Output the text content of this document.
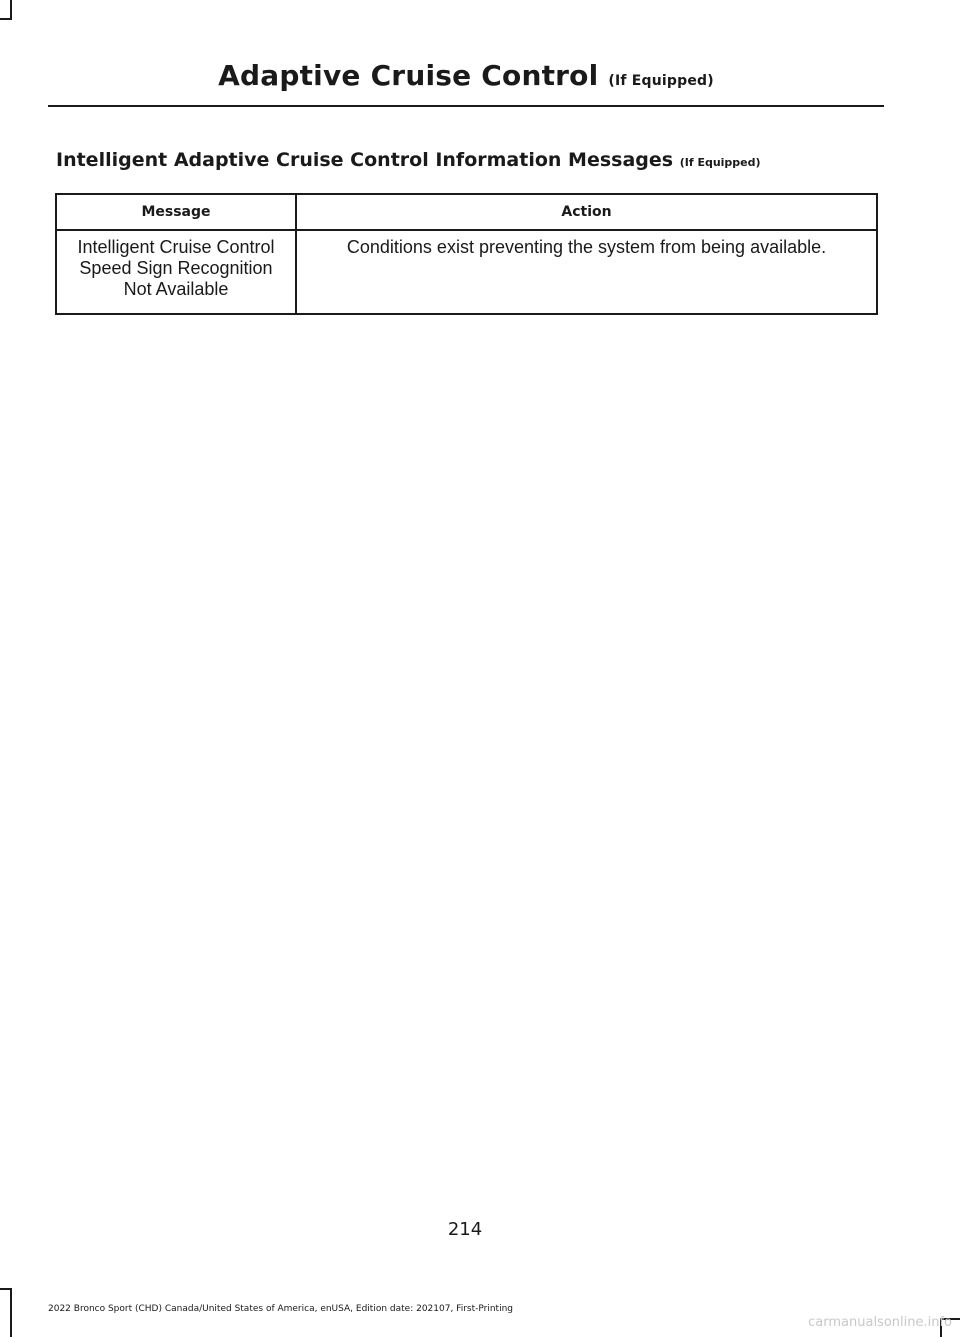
Adaptive Cruise Control (If Equipped)
Intelligent Adaptive Cruise Control Information Messages (If Equipped)
Message	Action

Intelligent Cruise Control
Speed Sign Recognition
Not Available	Conditions exist preventing the system from being available.
214
2022 Bronco Sport (CHD) Canada/United States of America, enUSA, Edition date: 202107, First-Printing
carmanualsonline.info
